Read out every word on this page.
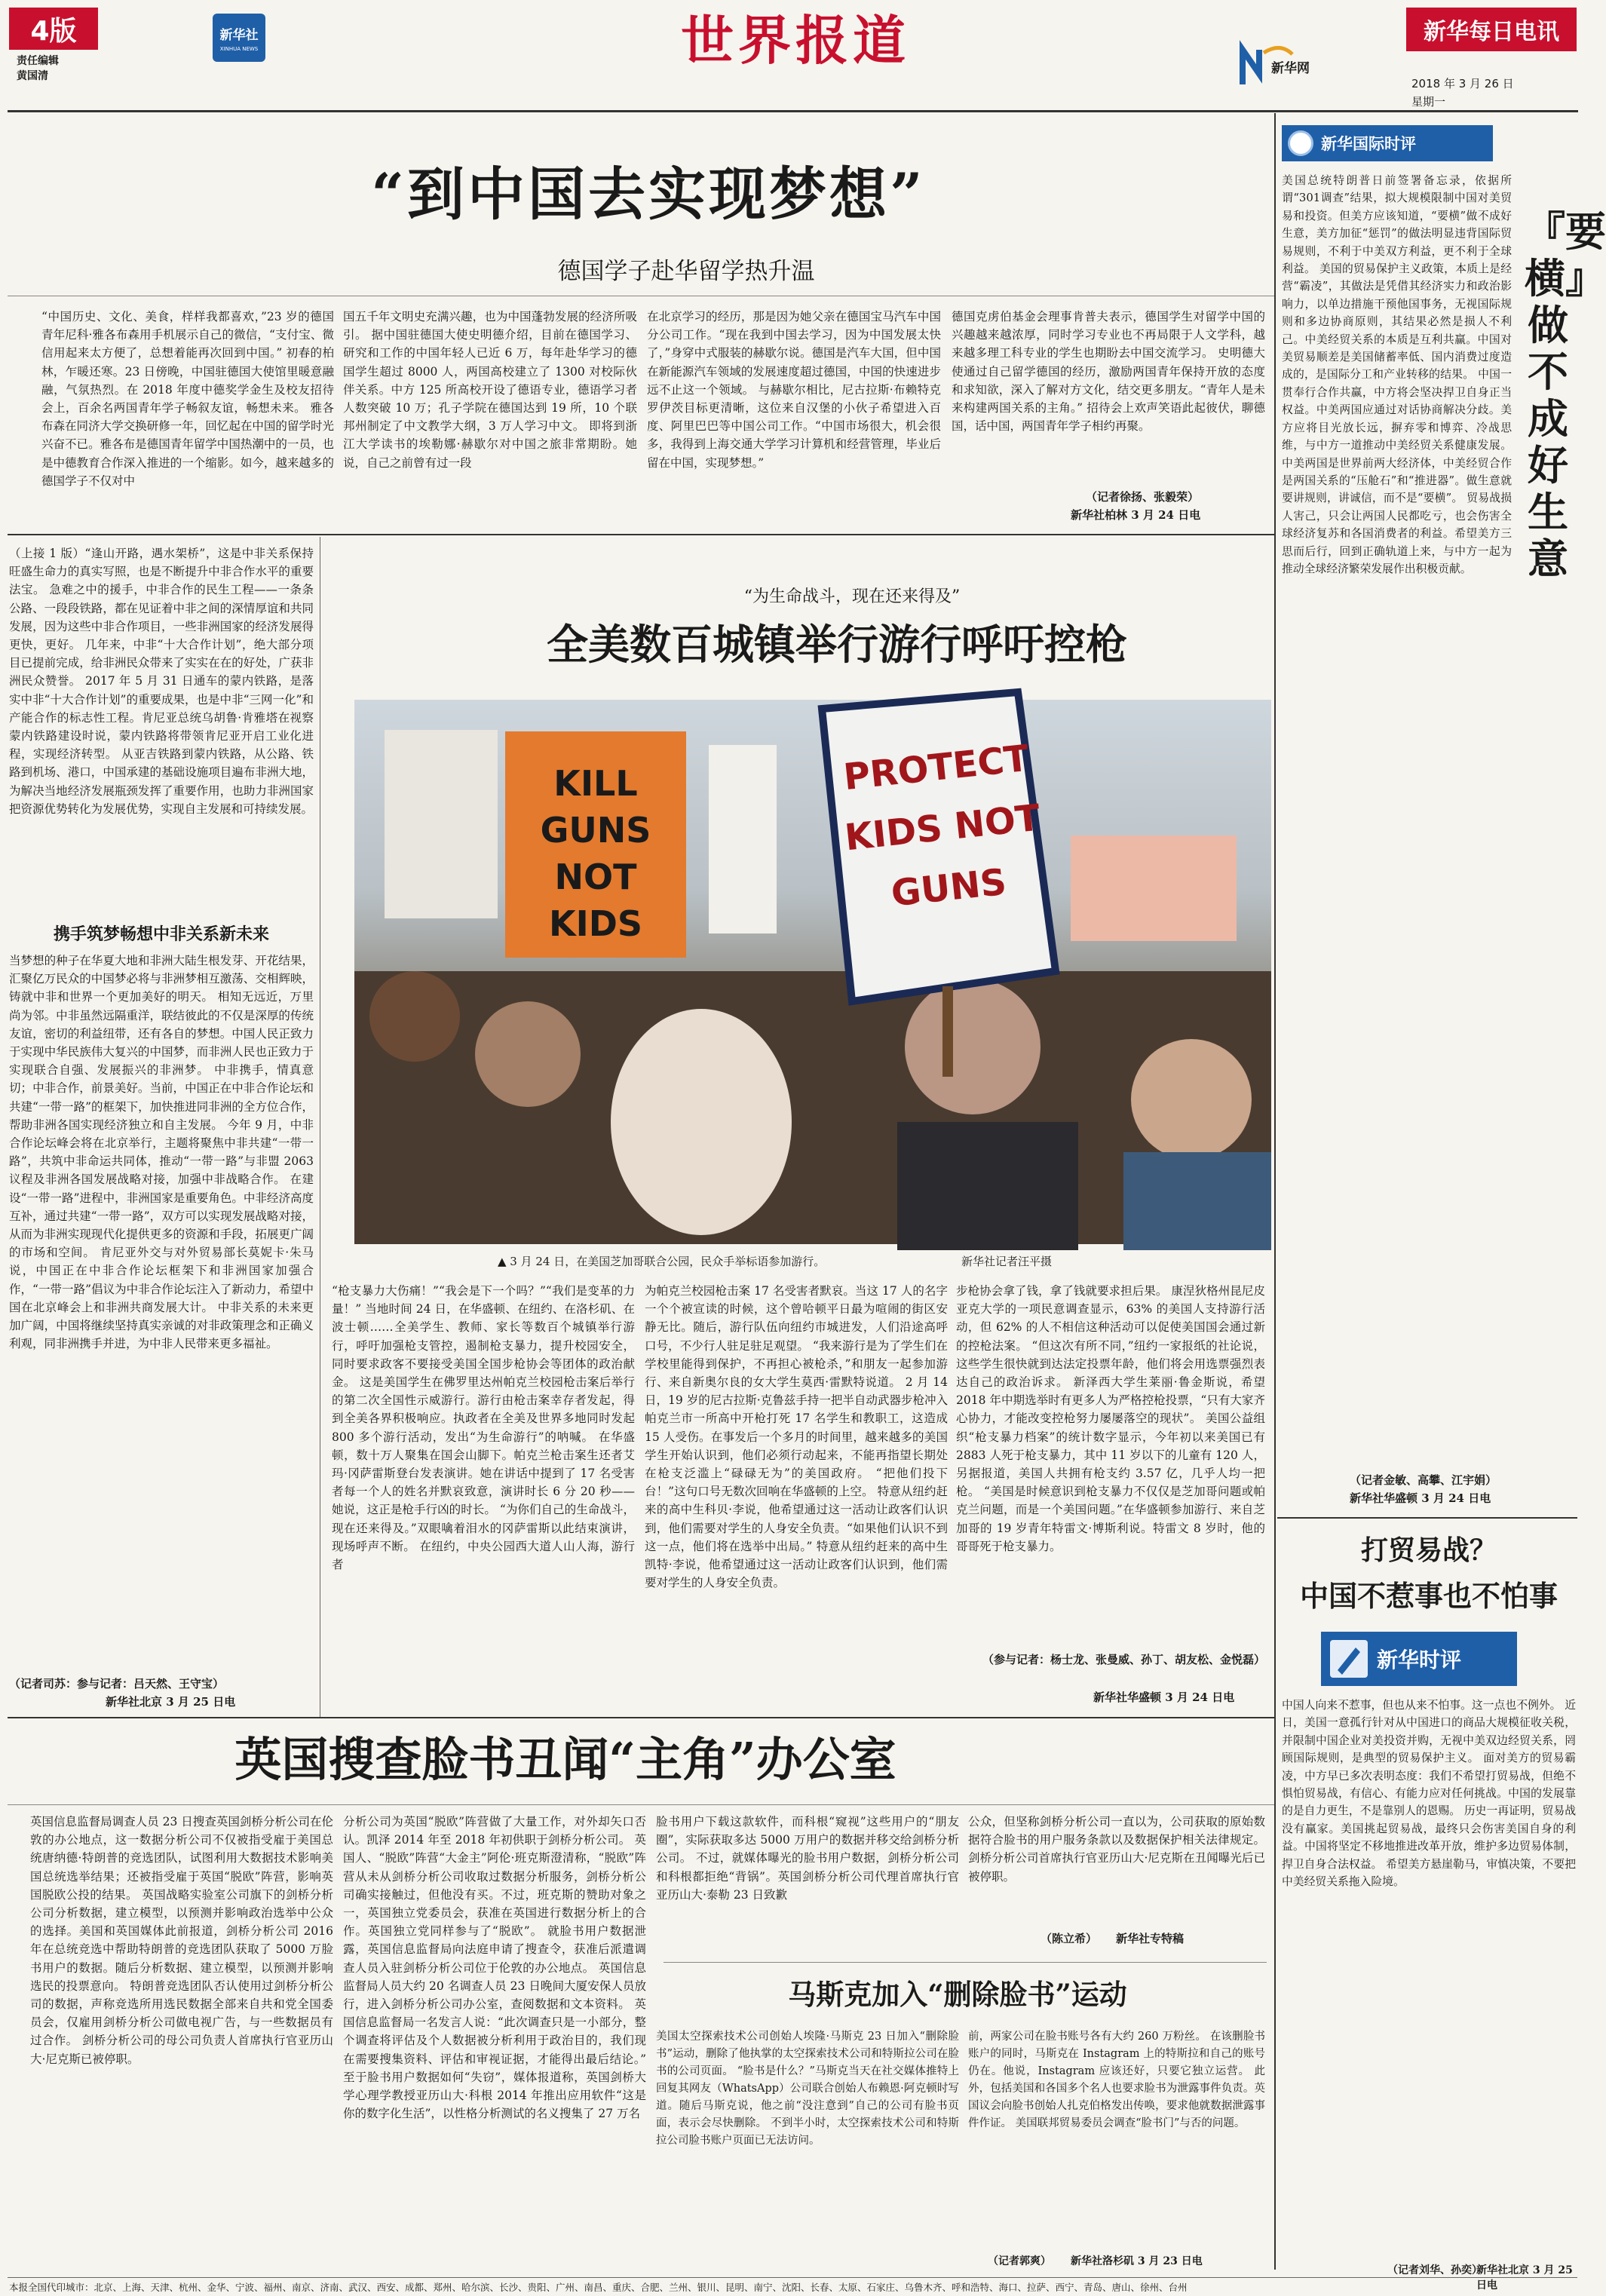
4版
责任编辑
黄国清
新华社
XINHUA NEWS	世界报道	新华网
新华每日电讯
2018 年 3 月 26 日
星期一
“到中国去实现梦想”
德国学子赴华留学热升温
“中国历史、文化、美食，样样我都喜欢，”23 岁的德国青年尼科·雅各布森用手机展示自己的微信，“支付宝、微信用起来太方便了，总想着能再次回到中国。” 初春的柏林，乍暖还寒。23 日傍晚，中国驻德国大使馆里暖意融融，气氛热烈。在 2018 年度中德奖学金生及校友招待会上，百余名两国青年学子畅叙友谊，畅想未来。 雅各布森在同济大学交换研修一年，回忆起在中国的留学时光兴奋不已。雅各布是德国青年留学中国热潮中的一员，也是中德教育合作深入推进的一个缩影。如今，越来越多的德国学子不仅对中
国五千年文明史充满兴趣，也为中国蓬勃发展的经济所吸引。 据中国驻德国大使史明德介绍，目前在德国学习、研究和工作的中国年轻人已近 6 万，每年赴华学习的德国学生超过 8000 人，两国高校建立了 1300 对校际伙伴关系。中方 125 所高校开设了德语专业，德语学习者人数突破 10 万；孔子学院在德国达到 19 所，10 个联邦州制定了中文教学大纲，3 万人学习中文。 即将到浙江大学读书的埃勒娜·赫歇尔对中国之旅非常期盼。她说，自己之前曾有过一段
在北京学习的经历，那是因为她父亲在德国宝马汽车中国分公司工作。“现在我到中国去学习，因为中国发展太快了，”身穿中式服装的赫歇尔说。德国是汽车大国，但中国在新能源汽车领域的发展速度超过德国，中国的快速进步远不止这一个领域。 与赫歇尔相比，尼古拉斯·布赖特克罗伊茨目标更清晰，这位来自汉堡的小伙子希望进入百度、阿里巴巴等中国公司工作。“中国市场很大，机会很多，我得到上海交通大学学习计算机和经营管理，毕业后留在中国，实现梦想。”
德国克虏伯基金会理事肯普夫表示，德国学生对留学中国的兴趣越来越浓厚，同时学习专业也不再局限于人文学科，越来越多理工科专业的学生也期盼去中国交流学习。 史明德大使通过自己留学德国的经历，激励两国青年保持开放的态度和求知欲，深入了解对方文化，结交更多朋友。“青年人是未来构建两国关系的主角。” 招待会上欢声笑语此起彼伏，聊德国，话中国，两国青年学子相约再聚。
（记者徐扬、张毅荣）
新华社柏林 3 月 24 日电
（上接 1 版）“逢山开路，遇水架桥”，这是中非关系保持旺盛生命力的真实写照，也是不断提升中非合作水平的重要法宝。 急难之中的援手，中非合作的民生工程——一条条公路、一段段铁路，都在见证着中非之间的深情厚谊和共同发展，因为这些中非合作项目，一些非洲国家的经济发展得更快，更好。 几年来，中非“十大合作计划”，绝大部分项目已提前完成，给非洲民众带来了实实在在的好处，广获非洲民众赞誉。 2017 年 5 月 31 日通车的蒙内铁路，是落实中非“十大合作计划”的重要成果，也是中非“三网一化”和产能合作的标志性工程。肯尼亚总统乌胡鲁·肯雅塔在视察蒙内铁路建设时说，蒙内铁路将带领肯尼亚开启工业化进程，实现经济转型。 从亚吉铁路到蒙内铁路，从公路、铁路到机场、港口，中国承建的基础设施项目遍布非洲大地，为解决当地经济发展瓶颈发挥了重要作用，也助力非洲国家把资源优势转化为发展优势，实现自主发展和可持续发展。
携手筑梦畅想中非关系新未来
当梦想的种子在华夏大地和非洲大陆生根发芽、开花结果，汇聚亿万民众的中国梦必将与非洲梦相互激荡、交相辉映，铸就中非和世界一个更加美好的明天。 相知无远近，万里尚为邻。中非虽然远隔重洋，联结彼此的不仅是深厚的传统友谊，密切的利益纽带，还有各自的梦想。中国人民正致力于实现中华民族伟大复兴的中国梦，而非洲人民也正致力于实现联合自强、发展振兴的非洲梦。 中非携手，情真意切；中非合作，前景美好。当前，中国正在中非合作论坛和共建“一带一路”的框架下，加快推进同非洲的全方位合作，帮助非洲各国实现经济独立和自主发展。 今年 9 月，中非合作论坛峰会将在北京举行，主题将聚焦中非共建“一带一路”，共筑中非命运共同体，推动“一带一路”与非盟 2063 议程及非洲各国发展战略对接，加强中非战略合作。 在建设“一带一路”进程中，非洲国家是重要角色。中非经济高度互补，通过共建“一带一路”，双方可以实现发展战略对接，从而为非洲实现现代化提供更多的资源和手段，拓展更广阔的市场和空间。 肯尼亚外交与对外贸易部长莫妮卡·朱马说，中国正在中非合作论坛框架下和非洲国家加强合作，“一带一路”倡议为中非合作论坛注入了新动力，希望中国在北京峰会上和非洲共商发展大计。 中非关系的未来更加广阔，中国将继续坚持真实亲诚的对非政策理念和正确义利观，同非洲携手并进，为中非人民带来更多福祉。
（记者司苏：参与记者：吕天然、王守宝）
新华社北京 3 月 25 日电
“为生命战斗，现在还来得及”
全美数百城镇举行游行呼吁控枪
KILL GUNS NOT KIDS
PROTECT KIDS NOT GUNS
▲ 3 月 24 日，在美国芝加哥联合公园，民众手举标语参加游行。	新华社记者汪平摄
“枪支暴力大伤痛！”“我会是下一个吗？”“我们是变革的力量！” 当地时间 24 日，在华盛顿、在纽约、在洛杉矶、在波士顿……全美学生、教师、家长等数百个城镇举行游行，呼吁加强枪支管控，遏制枪支暴力，提升校园安全，同时要求政客不要接受美国全国步枪协会等团体的政治献金。 这是美国学生在佛罗里达州帕克兰校园枪击案后举行的第二次全国性示威游行。游行由枪击案幸存者发起，得到全美各界积极响应。执政者在全美及世界多地同时发起 800 多个游行活动，发出“为生命游行”的呐喊。 在华盛顿，数十万人聚集在国会山脚下。帕克兰枪击案生还者艾玛·冈萨雷斯登台发表演讲。她在讲话中提到了 17 名受害者每一个人的姓名并默哀致意，演讲时长 6 分 20 秒——她说，这正是枪手行凶的时长。 “为你们自己的生命战斗，现在还来得及。”双眼噙着泪水的冈萨雷斯以此结束演讲，现场呼声不断。 在纽约，中央公园西大道人山人海，游行者
为帕克兰校园枪击案 17 名受害者默哀。当这 17 人的名字一个个被宣读的时候，这个曾哈顿平日最为喧闹的街区安静无比。随后，游行队伍向纽约市城进发，人们沿途高呼口号，不少行人驻足驻足观望。 “我来游行是为了学生们在学校里能得到保护，不再担心被枪杀，”和朋友一起参加游行、来自新奥尔良的女大学生莫西·雷默特说道。 2 月 14 日，19 岁的尼古拉斯·克鲁兹手持一把半自动武器步枪冲入帕克兰市一所高中开枪打死 17 名学生和教职工，这造成 15 人受伤。在事发后一个多月的时间里，越来越多的美国学生开始认识到，他们必须行动起来，不能再指望长期处在枪支泛滥上“碌碌无为”的美国政府。 “把他们投下台！”这句口号无数次回响在华盛顿的上空。 特意从纽约赶来的高中生科贝·李说，他希望通过这一活动让政客们认识到，他们需要对学生的人身安全负责。“如果他们认识不到这一点，他们将在选举中出局。” 特意从纽约赶来的高中生凯特·李说，他希望通过这一活动让政客们认识到，他们需要对学生的人身安全负责。
步枪协会拿了钱，拿了钱就要求担后果。 康涅狄格州昆尼皮亚克大学的一项民意调查显示，63% 的美国人支持游行活动，但 62% 的人不相信这种活动可以促使美国国会通过新的控枪法案。 “但这次有所不同，”纽约一家报纸的社论说，这些学生很快就到达法定投票年龄，他们将会用选票强烈表达自己的政治诉求。 新泽西大学生莱丽·鲁金斯说，希望 2018 年中期选举时有更多人为严格控枪投票，“只有大家齐心协力，才能改变控枪努力屡屡落空的现状”。 美国公益组织“枪支暴力档案”的统计数字显示，今年初以来美国已有 2883 人死于枪支暴力，其中 11 岁以下的儿童有 120 人，另据报道，美国人共拥有枪支约 3.57 亿，几乎人均一把枪。 “美国是时候意识到枪支暴力不仅仅是芝加哥问题或帕克兰问题，而是一个美国问题。”在华盛顿参加游行、来自芝加哥的 19 岁青年特雷文·博斯利说。特雷文 8 岁时，他的哥哥死于枪支暴力。
（参与记者：杨士龙、张曼威、孙丁、胡友松、金悦磊）
新华社华盛顿 3 月 24 日电
英国搜查脸书丑闻“主角”办公室
英国信息监督局调查人员 23 日搜查英国剑桥分析公司在伦敦的办公地点，这一数据分析公司不仅被指受雇于美国总统唐纳德·特朗普的竞选团队，试图利用大数据技术影响美国总统选举结果；还被指受雇于英国“脱欧”阵营，影响英国脱欧公投的结果。 英国战略实验室公司旗下的剑桥分析公司分析数据，建立模型，以预测并影响政治选举中公众的选择。美国和英国媒体此前报道，剑桥分析公司 2016 年在总统竞选中帮助特朗普的竞选团队获取了 5000 万脸书用户的数据。随后分析数据、建立模型，以预测并影响选民的投票意向。 特朗普竞选团队否认使用过剑桥分析公司的数据，声称竞选所用选民数据全部来自共和党全国委员会，仅雇用剑桥分析公司做电视广告，与一些数据员有过合作。 剑桥分析公司的母公司负责人首席执行官亚历山大·尼克斯已被停职。
分析公司为英国“脱欧”阵营做了大量工作，对外却矢口否认。凯泽 2014 年至 2018 年初供职于剑桥分析公司。 英国人、“脱欧”阵营“大金主”阿伦·班克斯澄清称，“脱欧”阵营从未从剑桥分析公司收取过数据分析服务，剑桥分析公司确实接触过，但他没有买。不过，班克斯的赞助对象之一，英国独立党委员会，获准在英国进行数据分析上的合作。英国独立党同样参与了“脱欧”。 就脸书用户数据泄露，英国信息监督局向法庭申请了搜查令，获准后派遣调查人员入驻剑桥分析公司位于伦敦的办公地点。 英国信息监督局人员大约 20 名调查人员 23 日晚间大厦安保人员放行，进入剑桥分析公司办公室，查阅数据和文本资料。 英国信息监督局一名发言人说：“此次调查只是一小部分，整个调查将评估及个人数据被分析利用于政治目的，我们现在需要搜集资料、评估和审视证据，才能得出最后结论。” 至于脸书用户数据如何“失窃”，媒体报道称，英国剑桥大学心理学教授亚历山大·科根 2014 年推出应用软件“这是你的数字化生活”，以性格分析测试的名义搜集了 27 万名
脸书用户下载这款软件，而科根“窥视”这些用户的“朋友圈”，实际获取多达 5000 万用户的数据并移交给剑桥分析公司。 不过，就媒体曝光的脸书用户数据，剑桥分析公司和科根都拒绝“背锅”。英国剑桥分析公司代理首席执行官亚历山大·泰勒 23 日致歉
公众，但坚称剑桥分析公司一直以为，公司获取的原始数据符合脸书的用户服务条款以及数据保护相关法律规定。 剑桥分析公司首席执行官亚历山大·尼克斯在丑闻曝光后已被停职。
（陈立希） 新华社专特稿
马斯克加入“删除脸书”运动
美国太空探索技术公司创始人埃隆·马斯克 23 日加入“删除脸书”运动，删除了他执掌的太空探索技术公司和特斯拉公司在脸书的公司页面。 “脸书是什么？”马斯克当天在社交媒体推特上回复其网友（WhatsApp）公司联合创始人布赖恩·阿克顿时写道。随后马斯克说，他之前“没注意到”自己的公司有脸书页面，表示会尽快删除。 不到半小时，太空探索技术公司和特斯拉公司脸书账户页面已无法访问。
前，两家公司在脸书账号各有大约 260 万粉丝。 在该删脸书账户的同时，马斯克在 Instagram 上的特斯拉和自己的账号仍在。他说，Instagram 应该还好，只要它独立运营。 此外，包括美国和各国多个名人也要求脸书为泄露事件负责。英国议会向脸书创始人扎克伯格发出传唤，要求他就数据泄露事件作证。 美国联邦贸易委员会调查“脸书门”与否的问题。
（记者郭爽） 新华社洛杉矶 3 月 23 日电
新华国际时评
美国总统特朗普日前签署备忘录，依据所谓“301调查”结果，拟大规模限制中国对美贸易和投资。但美方应该知道，“要横”做不成好生意，美方加征“惩罚”的做法明显违背国际贸易规则，不利于中美双方利益，更不利于全球利益。 美国的贸易保护主义政策，本质上是经营“霸凌”，其做法是凭借其经济实力和政治影响力，以单边措施干预他国事务，无视国际规则和多边协商原则，其结果必然是损人不利己。中美经贸关系的本质是互利共赢。中国对美贸易顺差是美国储蓄率低、国内消费过度造成的，是国际分工和产业转移的结果。 中国一贯奉行合作共赢，中方将会坚决捍卫自身正当权益。中美两国应通过对话协商解决分歧。美方应将目光放长远，摒弃零和博弈、冷战思维，与中方一道推动中美经贸关系健康发展。 中美两国是世界前两大经济体，中美经贸合作是两国关系的“压舱石”和“推进器”。做生意就要讲规则，讲诚信，而不是“要横”。 贸易战损人害己，只会让两国人民都吃亏，也会伤害全球经济复苏和各国消费者的利益。希望美方三思而后行，回到正确轨道上来，与中方一起为推动全球经济繁荣发展作出积极贡献。
『要横』做不成好生意
（记者金敏、高攀、江宇娟）
新华社华盛顿 3 月 24 日电
打贸易战？
中国不惹事也不怕事
新华时评
中国人向来不惹事，但也从来不怕事。这一点也不例外。 近日，美国一意孤行针对从中国进口的商品大规模征收关税，并限制中国企业对美投资并购，无视中美双边经贸关系，罔顾国际规则，是典型的贸易保护主义。 面对美方的贸易霸凌，中方早已多次表明态度：我们不希望打贸易战，但绝不惧怕贸易战，有信心、有能力应对任何挑战。中国的发展靠的是自力更生，不是靠别人的恩赐。 历史一再证明，贸易战没有赢家。美国挑起贸易战，最终只会伤害美国自身的利益。中国将坚定不移地推进改革开放，维护多边贸易体制，捍卫自身合法权益。 希望美方悬崖勒马，审慎决策，不要把中美经贸关系拖入险境。
（记者刘华、孙奕）
新华社北京 3 月 25 日电
本报全国代印城市：北京、上海、天津、杭州、金华、宁波、福州、南京、济南、武汉、西安、成都、郑州、哈尔滨、长沙、贵阳、广州、南昌、重庆、合肥、兰州、银川、昆明、南宁、沈阳、长春、太原、石家庄、乌鲁木齐、呼和浩特、海口、拉萨、西宁、青岛、唐山、徐州、台州
